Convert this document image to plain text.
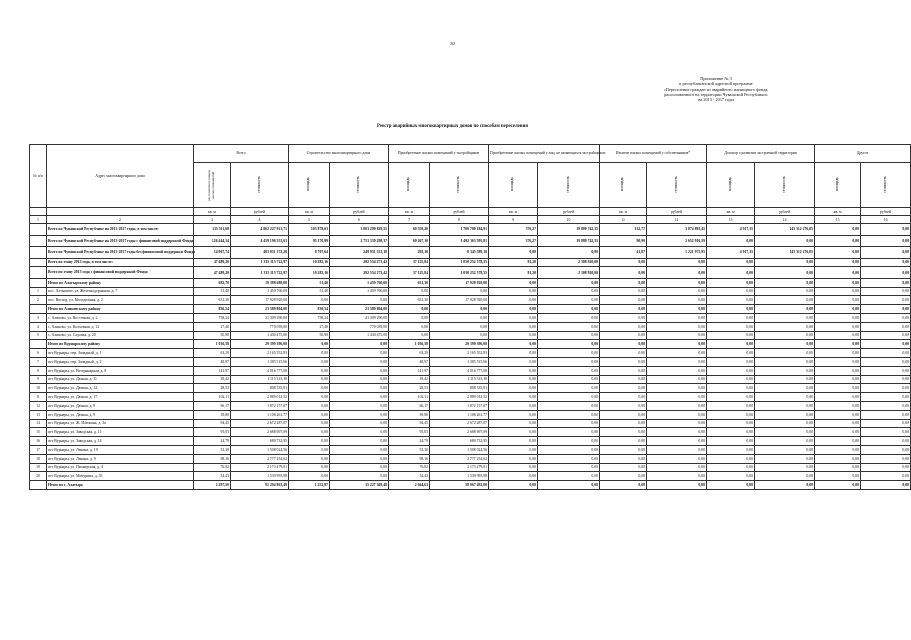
30
Приложение № 3
к республиканской адресной программе
«Переселение граждан из аварийного жилищного фонда,
расположенного на территории Чувашской Республики»
на 2013 - 2017 годы
Реестр аварийных многоквартирных домов по способам переселения
№ п/п	Адрес многоквартирного дома	Всего		Строительство многоквартирного дома		Приобретение жилых помещений у застройщиков		Приобретение жилых помещений у лиц, не являющихся застройщиком		Изъятие жилых помещений у собственников*		Договор о развитии застроенной территории		Другое	
		расселяемая площадь жилых помещений	стоимость	площадь	стоимость	площадь	стоимость	площадь	стоимость	площадь	стоимость	площадь	стоимость	площадь	стоимость
		кв. м	рублей	кв. м	рублей	кв. м	рублей	кв. м	рублей	кв. м	рублей	кв. м	рублей	кв. м	рублей
1	2	3	4	5	6	7	8	9	10	11	12	13	14	15	16
	Всего по Чувашской Республике на 2013-2017 годы, в том числе:	135 511,68	4 862 227 921,71	103 878,63	3 003 290 829,55	60 559,20	1 700 700 184,91	376,27	19 880 742,35	132,77	3 874 892,45	4 917,35	143 312 276,05	0,00	0,00
	Всего по Чувашской Республике на 2013-2017 годы с финансовой поддержкой Фонда	126 444,34	4 459 196 553,63	95 170,99	2 753 339 298,37	60 267,10	1 492 363 595,81	376,27	19 880 742,35	90,90	2 652 916,59	0,00	0,00	0,00	0,00
	Всего по Чувашской Республике на 2013-2017 годы без финансовой поддержки Фонда	14 067,74	403 031 372,28	8 707,64	249 951 531,18	292,10	8 345 589,10	0,00	0,00	41,87	1 221 975,95	4 917,35	143 312 276,05	0,00	0,00
	Всего по этапу 2013 года, в том числе:	47 489,20	1 335 115 722,97	10 282,16	282 554 273,42	37 125,84	1 050 252 578,55	81,20	2 308 920,00	0,00	0,00	0,00	0,00	0,00	0,00
	Всего по этапу 2013 года с финансовой поддержкой Фонда	47 489,20	1 335 115 722,97	10 282,16	282 554 273,42	37 125,84	1 050 252 578,55	81,20	2 308 920,00	0,00	0,00	0,00	0,00	0,00	0,00
	Итого по Алатырскому району	682,70	19 388 680,00	51,40	1 459 760,00	631,30	17 928 920,00	0,00	0,00	0,00	0,00	0,00	0,00	0,00	0,00
1	пос. Алтышево, ул. Железнодорожная, д. 7	51,40	1 459 760,00	51,40	1 459 760,00	0,00	0,00	0,00	0,00	0,00	0,00	0,00	0,00	0,00	0,00
2	пос. Восход, ул. Молодежная, д. 2	631,30	17 928 920,00	0,00	0,00	631,30	17 928 920,00	0,00	0,00	0,00	0,00	0,00	0,00	0,00	0,00
	Итого по Аликовскому району	836,54	23 589 804,00	836,54	23 589 804,00	0,00	0,00	0,00	0,00	0,00	0,00	0,00	0,00	0,00	0,00
3	с. Аликово, ул. Восточная, д. 2	758,24	21 309 290,00	758,24	21 309 290,00	0,00	0,00	0,00	0,00	0,00	0,00	0,00	0,00	0,00	0,00
4	с. Аликово, ул. Колхозная, д. 12	27,40	770 039,00	27,40	770 039,00	0,00	0,00	0,00	0,00	0,00	0,00	0,00	0,00	0,00	0,00
5	с. Аликово, ул. Садовая, д. 20	50,90	1 430 475,00	50,90	1 430 475,00	0,00	0,00	0,00	0,00	0,00	0,00	0,00	0,00	0,00	0,00
	Итого по Вурнарскому району	1 036,58	29 399 396,00	0,00	0,00	1 036,58	29 399 396,00	0,00	0,00	0,00	0,00	0,00	0,00	0,00	0,00
6	пгт Вурнары, пер. Западный, д. 1	63,29	2 165 552,83	0,00	0,00	63,29	2 165 552,83	0,00	0,00	0,00	0,00	0,00	0,00	0,00	0,00
7	пгт Вурнары, пер. Западный, д. 2	48,97	1 385 515,06	0,00	0,00	48,97	1 385 515,06	0,00	0,00	0,00	0,00	0,00	0,00	0,00	0,00
8	пгт Вурнары, ул. Ветеринарная, д. 8	141,97	4 016 777,08	0,00	0,00	141,97	4 016 777,08	0,00	0,00	0,00	0,00	0,00	0,00	0,00	0,00
9	пгт Вурнары, ул. Дачная, д. 11	39,42	1 115 315,38	0,00	0,00	39,42	1 115 315,38	0,00	0,00	0,00	0,00	0,00	0,00	0,00	0,00
10	пгт Вурнары, ул. Дачная, д. 12	28,53	808 335,01	0,00	0,00	28,53	808 335,01	0,00	0,00	0,00	0,00	0,00	0,00	0,00	0,00
11	пгт Вурнары, ул. Дачная, д. 17	102,11	2 889 012,52	0,00	0,00	102,11	2 889 012,52	0,00	0,00	0,00	0,00	0,00	0,00	0,00	0,00
12	пгт Вурнары, ул. Дачная, д. 8	66,17	1 872 157,07	0,00	0,00	66,17	1 872 157,07	0,00	0,00	0,00	0,00	0,00	0,00	0,00	0,00
13	пгт Вурнары, ул. Дачная, д. 9	39,80	1 106 261,77	0,00	0,00	39,80	1 106 261,77	0,00	0,00	0,00	0,00	0,00	0,00	0,00	0,00
14	пгт Вурнары, ул. Ж. Илюкина, д. 3а	94,45	2 672 287,07	0,00	0,00	94,45	2 672 287,07	0,00	0,00	0,00	0,00	0,00	0,00	0,00	0,00
15	пгт Вурнары, ул. Заводская, д. 11	95,03	2 688 697,09	0,00	0,00	95,03	2 688 697,09	0,00	0,00	0,00	0,00	0,00	0,00	0,00	0,00
16	пгт Вурнары, ул. Заводская, д. 14	24,79	680 732,95	0,00	0,00	24,79	680 732,95	0,00	0,00	0,00	0,00	0,00	0,00	0,00	0,00
17	пгт Вурнары, ул. Ленина, д. 19	53,30	1 508 024,56	0,00	0,00	53,30	1 508 024,56	0,00	0,00	0,00	0,00	0,00	0,00	0,00	0,00
18	пгт Вурнары, ул. Ленина, д. 9	98,16	2 777 254,62	0,00	0,00	98,16	2 777 254,62	0,00	0,00	0,00	0,00	0,00	0,00	0,00	0,00
19	пгт Вурнары, ул. Пионерская, д. 4	76,82	2 173 479,01	0,00	0,00	76,82	2 173 479,01	0,00	0,00	0,00	0,00	0,00	0,00	0,00	0,00
20	пгт Вурнары, ул. Мичурина, д. 35	54,43	1 539 993,98	0,00	0,00	54,43	1 539 993,98	0,00	0,00	0,00	0,00	0,00	0,00	0,00	0,00
	Итого по г. Алатырь	2 297,50	91 294 863,49	1 252,87	35 227 369,48	2 044,63	58 067 492,00	0,00	0,00	0,00	0,00	0,00	0,00	0,00	0,00
